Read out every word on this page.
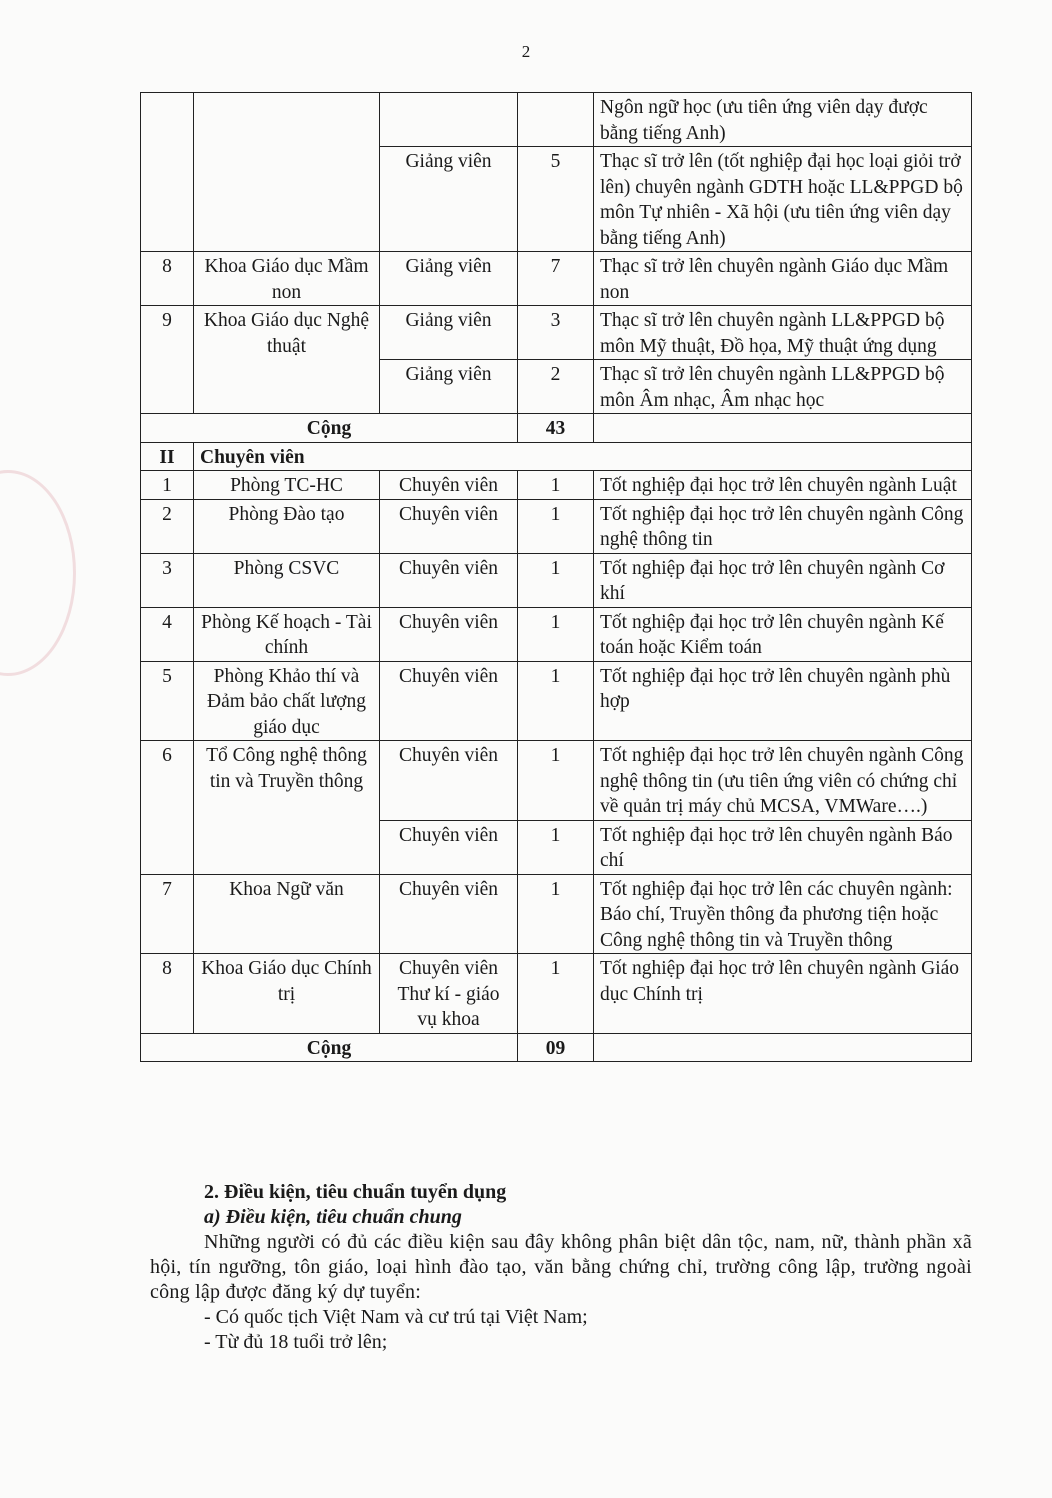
2
				Ngôn ngữ học (ưu tiên ứng viên dạy được bằng tiếng Anh)
		Giảng viên	5	Thạc sĩ trở lên (tốt nghiệp đại học loại giỏi trở lên) chuyên ngành GDTH hoặc LL&PPGD bộ môn Tự nhiên - Xã hội (ưu tiên ứng viên dạy bằng tiếng Anh)
8	Khoa Giáo dục Mầm non	Giảng viên	7	Thạc sĩ trở lên chuyên ngành Giáo dục Mầm non
9	Khoa Giáo dục Nghệ thuật	Giảng viên	3	Thạc sĩ trở lên chuyên ngành LL&PPGD bộ môn Mỹ thuật, Đồ họa, Mỹ thuật ứng dụng
		Giảng viên	2	Thạc sĩ trở lên chuyên ngành LL&PPGD bộ môn Âm nhạc, Âm nhạc học
Cộng			43	
II	Chuyên viên			
1	Phòng TC-HC	Chuyên viên	1	Tốt nghiệp đại học trở lên chuyên ngành Luật
2	Phòng Đào tạo	Chuyên viên	1	Tốt nghiệp đại học trở lên chuyên ngành Công nghệ thông tin
3	Phòng CSVC	Chuyên viên	1	Tốt nghiệp đại học trở lên chuyên ngành Cơ khí
4	Phòng Kế hoạch - Tài chính	Chuyên viên	1	Tốt nghiệp đại học trở lên chuyên ngành Kế toán hoặc Kiểm toán
5	Phòng Khảo thí và Đảm bảo chất lượng giáo dục	Chuyên viên	1	Tốt nghiệp đại học trở lên chuyên ngành phù hợp
6	Tổ Công nghệ thông tin và Truyền thông	Chuyên viên	1	Tốt nghiệp đại học trở lên chuyên ngành Công nghệ thông tin (ưu tiên ứng viên có chứng chỉ về quản trị máy chủ MCSA, VMWare….)
		Chuyên viên	1	Tốt nghiệp đại học trở lên chuyên ngành Báo chí
7	Khoa Ngữ văn	Chuyên viên	1	Tốt nghiệp đại học trở lên các chuyên ngành: Báo chí, Truyền thông đa phương tiện hoặc Công nghệ thông tin và Truyền thông
8	Khoa Giáo dục Chính trị	Chuyên viên Thư kí - giáo vụ khoa	1	Tốt nghiệp đại học trở lên chuyên ngành Giáo dục Chính trị
Cộng			09	
2. Điều kiện, tiêu chuẩn tuyển dụng
a) Điều kiện, tiêu chuẩn chung

Những người có đủ các điều kiện sau đây không phân biệt dân tộc, nam, nữ, thành phần xã hội, tín ngưỡng, tôn giáo, loại hình đào tạo, văn bằng chứng chỉ, trường công lập, trường ngoài công lập được đăng ký dự tuyển:

- Có quốc tịch Việt Nam và cư trú tại Việt Nam;
- Từ đủ 18 tuổi trở lên;
